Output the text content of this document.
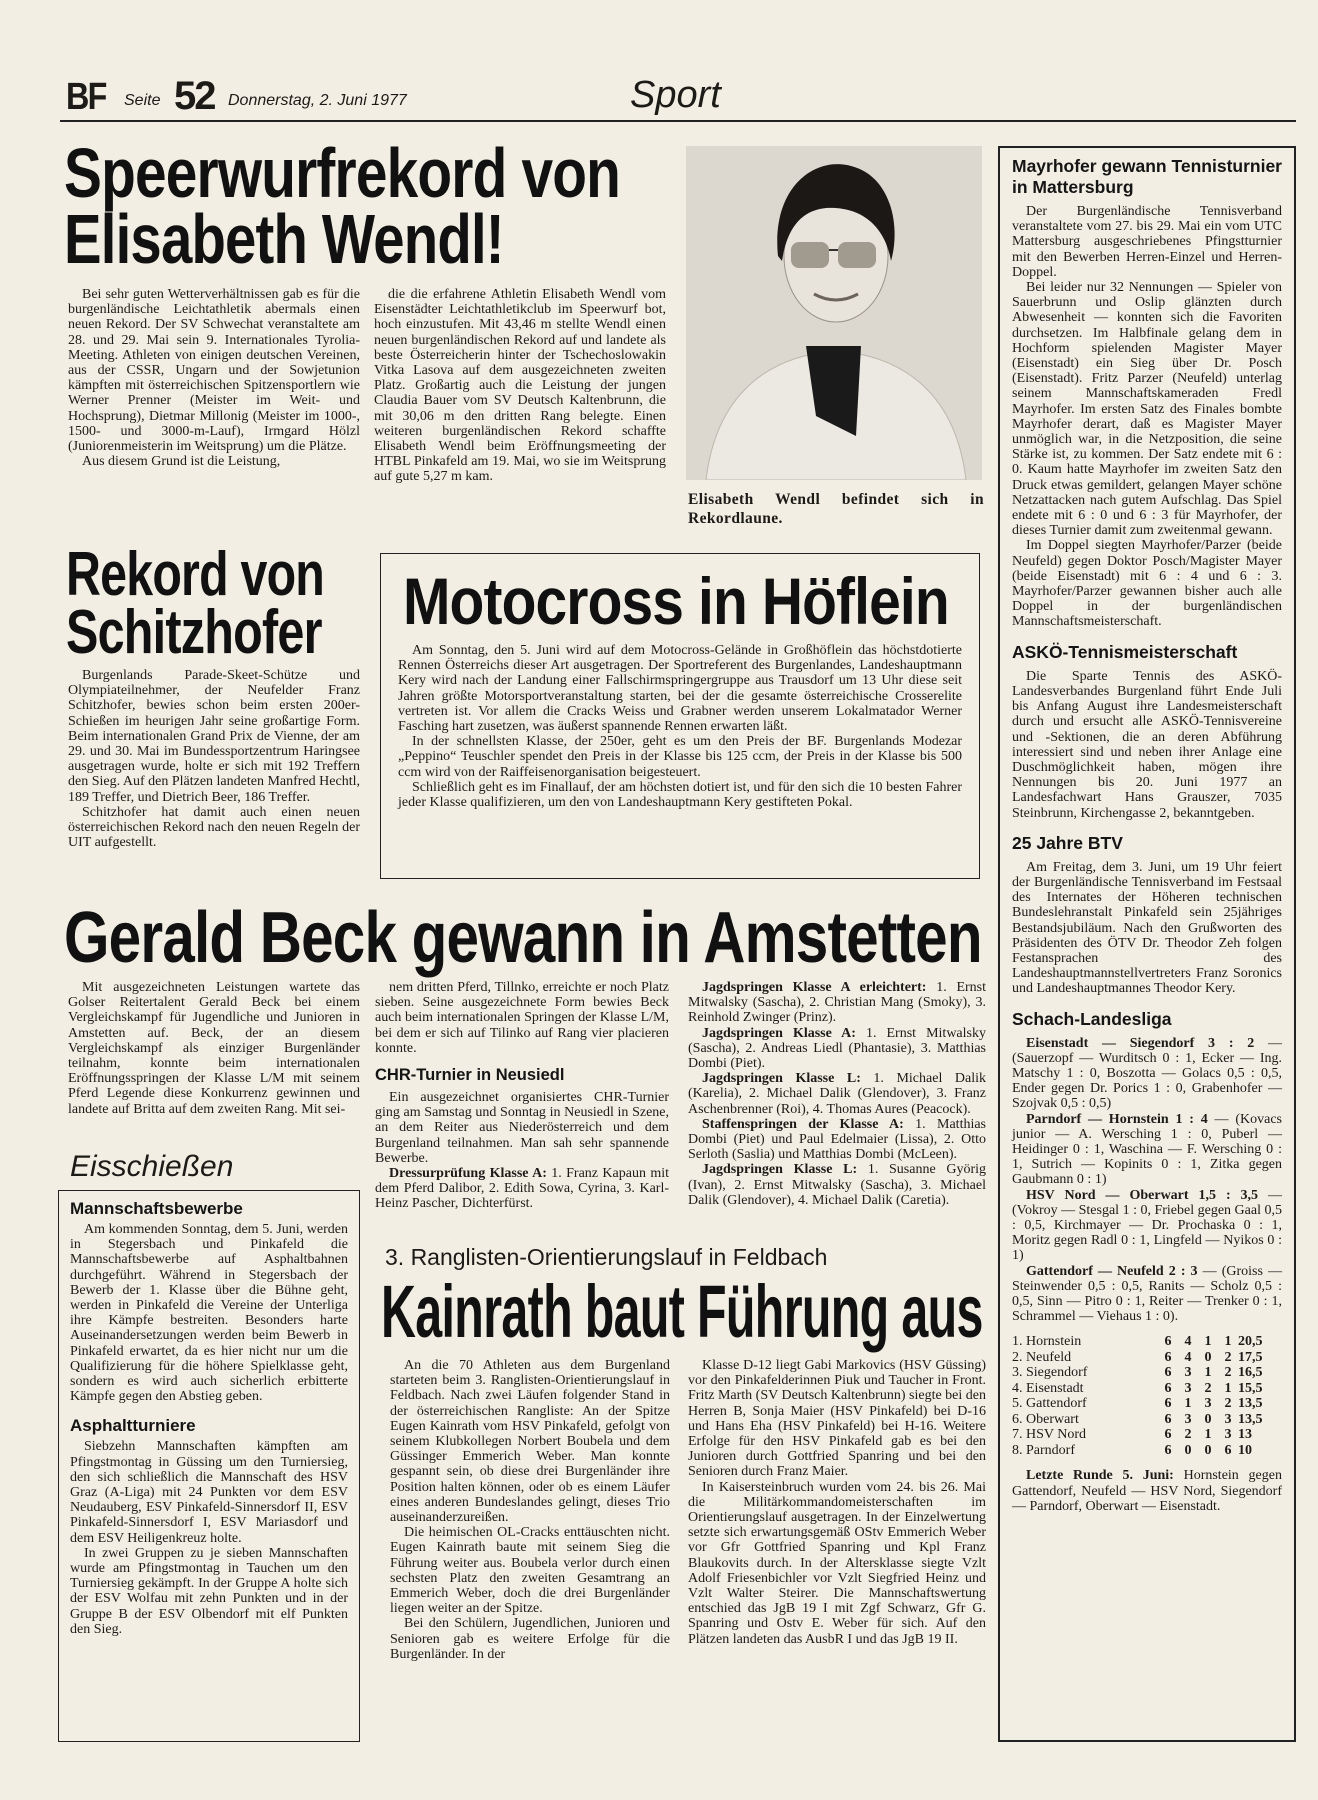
BF Seite 52 Donnerstag, 2. Juni 1977	Sport
Speerwurfrekord von
Elisabeth Wendl!

Bei sehr guten Wetterverhältnissen gab es für die burgenländische Leichtathletik abermals einen neuen Rekord. Der SV Schwechat veranstaltete am 28. und 29. Mai sein 9. Internationales Tyrolia-Meeting. Athleten von einigen deutschen Vereinen, aus der CSSR, Ungarn und der Sowjetunion kämpften mit österreichischen Spitzensportlern wie Werner Prenner (Meister im Weit- und Hochsprung), Dietmar Millonig (Meister im 1000-, 1500- und 3000-m-Lauf), Irmgard Hölzl (Juniorenmeisterin im Weitsprung) um die Plätze.

Aus diesem Grund ist die Leistung,

die die erfahrene Athletin Elisabeth Wendl vom Eisenstädter Leichtathletikclub im Speerwurf bot, hoch einzustufen. Mit 43,46 m stellte Wendl einen neuen burgenländischen Rekord auf und landete als beste Österreicherin hinter der Tschechoslowakin Vitka Lasova auf dem ausgezeichneten zweiten Platz. Großartig auch die Leistung der jungen Claudia Bauer vom SV Deutsch Kaltenbrunn, die mit 30,06 m den dritten Rang belegte. Einen weiteren burgenländischen Rekord schaffte Elisabeth Wendl beim Eröffnungsmeeting der HTBL Pinkafeld am 19. Mai, wo sie im Weitsprung auf gute 5,27 m kam.

Elisabeth Wendl befindet sich in Rekordlaune.
Rekord von
Schitzhofer

Burgenlands Parade-Skeet-Schütze und Olympiateilnehmer, der Neufelder Franz Schitzhofer, bewies schon beim ersten 200er-Schießen im heurigen Jahr seine großartige Form. Beim internationalen Grand Prix de Vienne, der am 29. und 30. Mai im Bundessportzentrum Haringsee ausgetragen wurde, holte er sich mit 192 Treffern den Sieg. Auf den Plätzen landeten Manfred Hechtl, 189 Treffer, und Dietrich Beer, 186 Treffer.

Schitzhofer hat damit auch einen neuen österreichischen Rekord nach den neuen Regeln der UIT aufgestellt.

Motocross in Höflein

Am Sonntag, den 5. Juni wird auf dem Motocross-Gelände in Großhöflein das höchstdotierte Rennen Österreichs dieser Art ausgetragen. Der Sportreferent des Burgenlandes, Landeshauptmann Kery wird nach der Landung einer Fallschirmspringergruppe aus Trausdorf um 13 Uhr diese seit Jahren größte Motorsportveranstaltung starten, bei der die gesamte österreichische Crosserelite vertreten ist. Vor allem die Cracks Weiss und Grabner werden unserem Lokalmatador Werner Fasching hart zusetzen, was äußerst spannende Rennen erwarten läßt.

In der schnellsten Klasse, der 250er, geht es um den Preis der BF. Burgenlands Modezar „Peppino“ Teuschler spendet den Preis in der Klasse bis 125 ccm, der Preis in der Klasse bis 500 ccm wird von der Raiffeisenorganisation beigesteuert.

Schließlich geht es im Finallauf, der am höchsten dotiert ist, und für den sich die 10 besten Fahrer jeder Klasse qualifizieren, um den von Landeshauptmann Kery gestifteten Pokal.

Gerald Beck gewann in Amstetten

Mit ausgezeichneten Leistungen wartete das Golser Reitertalent Gerald Beck bei einem Vergleichskampf für Jugendliche und Junioren in Amstetten auf. Beck, der an diesem Vergleichskampf als einziger Burgenländer teilnahm, konnte beim internationalen Eröffnungsspringen der Klasse L/M mit seinem Pferd Legende diese Konkurrenz gewinnen und landete auf Britta auf dem zweiten Rang. Mit sei-

nem dritten Pferd, Tillnko, erreichte er noch Platz sieben. Seine ausgezeichnete Form bewies Beck auch beim internationalen Springen der Klasse L/M, bei dem er sich auf Tilinko auf Rang vier placieren konnte.

CHR-Turnier in Neusiedl

Ein ausgezeichnet organisiertes CHR-Turnier ging am Samstag und Sonntag in Neusiedl in Szene, an dem Reiter aus Niederösterreich und dem Burgenland teilnahmen. Man sah sehr spannende Bewerbe.

Dressurprüfung Klasse A: 1. Franz Kapaun mit dem Pferd Dalibor, 2. Edith Sowa, Cyrina, 3. Karl-Heinz Pascher, Dichterfürst.

Jagdspringen Klasse A erleichtert: 1. Ernst Mitwalsky (Sascha), 2. Christian Mang (Smoky), 3. Reinhold Zwinger (Prinz).

Jagdspringen Klasse A: 1. Ernst Mitwalsky (Sascha), 2. Andreas Liedl (Phantasie), 3. Matthias Dombi (Piet).

Jagdspringen Klasse L: 1. Michael Dalik (Karelia), 2. Michael Dalik (Glendover), 3. Franz Aschenbrenner (Roi), 4. Thomas Aures (Peacock).

Staffenspringen der Klasse A: 1. Matthias Dombi (Piet) und Paul Edelmaier (Lissa), 2. Otto Serloth (Saslia) und Matthias Dombi (McLeen).

Jagdspringen Klasse L: 1. Susanne Györig (Ivan), 2. Ernst Mitwalsky (Sascha), 3. Michael Dalik (Glendover), 4. Michael Dalik (Caretia).

Eisschießen
Mannschaftsbewerbe

Am kommenden Sonntag, dem 5. Juni, werden in Stegersbach und Pinkafeld die Mannschaftsbewerbe auf Asphaltbahnen durchgeführt. Während in Stegersbach der Bewerb der 1. Klasse über die Bühne geht, werden in Pinkafeld die Vereine der Unterliga ihre Kämpfe bestreiten. Besonders harte Auseinandersetzungen werden beim Bewerb in Pinkafeld erwartet, da es hier nicht nur um die Qualifizierung für die höhere Spielklasse geht, sondern es wird auch sicherlich erbitterte Kämpfe gegen den Abstieg geben.

Asphaltturniere

Siebzehn Mannschaften kämpften am Pfingstmontag in Güssing um den Turniersieg, den sich schließlich die Mannschaft des HSV Graz (A-Liga) mit 24 Punkten vor dem ESV Neudauberg, ESV Pinkafeld-Sinnersdorf II, ESV Pinkafeld-Sinnersdorf I, ESV Mariasdorf und dem ESV Heiligenkreuz holte.

In zwei Gruppen zu je sieben Mannschaften wurde am Pfingstmontag in Tauchen um den Turniersieg gekämpft. In der Gruppe A holte sich der ESV Wolfau mit zehn Punkten und in der Gruppe B der ESV Olbendorf mit elf Punkten den Sieg.

3. Ranglisten-Orientierungslauf in Feldbach
Kainrath baut Führung aus

An die 70 Athleten aus dem Burgenland starteten beim 3. Ranglisten-Orientierungslauf in Feldbach. Nach zwei Läufen folgender Stand in der österreichischen Rangliste: An der Spitze Eugen Kainrath vom HSV Pinkafeld, gefolgt von seinem Klubkollegen Norbert Boubela und dem Güssinger Emmerich Weber. Man konnte gespannt sein, ob diese drei Burgenländer ihre Position halten können, oder ob es einem Läufer eines anderen Bundeslandes gelingt, dieses Trio auseinanderzureißen.

Die heimischen OL-Cracks enttäuschten nicht. Eugen Kainrath baute mit seinem Sieg die Führung weiter aus. Boubela verlor durch einen sechsten Platz den zweiten Gesamtrang an Emmerich Weber, doch die drei Burgenländer liegen weiter an der Spitze.

Bei den Schülern, Jugendlichen, Junioren und Senioren gab es weitere Erfolge für die Burgenländer. In der

Klasse D-12 liegt Gabi Markovics (HSV Güssing) vor den Pinkafelderinnen Piuk und Taucher in Front. Fritz Marth (SV Deutsch Kaltenbrunn) siegte bei den Herren B, Sonja Maier (HSV Pinkafeld) bei D-16 und Hans Eha (HSV Pinkafeld) bei H-16. Weitere Erfolge für den HSV Pinkafeld gab es bei den Junioren durch Gottfried Spanring und bei den Senioren durch Franz Maier.

In Kaisersteinbruch wurden vom 24. bis 26. Mai die Militärkommandomeisterschaften im Orientierungslauf ausgetragen. In der Einzelwertung setzte sich erwartungsgemäß OStv Emmerich Weber vor Gfr Gottfried Spanring und Kpl Franz Blaukovits durch. In der Altersklasse siegte Vzlt Adolf Friesenbichler vor Vzlt Siegfried Heinz und Vzlt Walter Steirer. Die Mannschaftswertung entschied das JgB 19 I mit Zgf Schwarz, Gfr G. Spanring und Ostv E. Weber für sich. Auf den Plätzen landeten das AusbR I und das JgB 19 II.

Mayrhofer gewann Tennisturnier in Mattersburg

Der Burgenländische Tennisverband veranstaltete vom 27. bis 29. Mai ein vom UTC Mattersburg ausgeschriebenes Pfingstturnier mit den Bewerben Herren-Einzel und Herren-Doppel.

Bei leider nur 32 Nennungen — Spieler von Sauerbrunn und Oslip glänzten durch Abwesenheit — konnten sich die Favoriten durchsetzen. Im Halbfinale gelang dem in Hochform spielenden Magister Mayer (Eisenstadt) ein Sieg über Dr. Posch (Eisenstadt). Fritz Parzer (Neufeld) unterlag seinem Mannschaftskameraden Fredl Mayrhofer. Im ersten Satz des Finales bombte Mayrhofer derart, daß es Magister Mayer unmöglich war, in die Netzposition, die seine Stärke ist, zu kommen. Der Satz endete mit 6 : 0. Kaum hatte Mayrhofer im zweiten Satz den Druck etwas gemildert, gelangen Mayer schöne Netzattacken nach gutem Aufschlag. Das Spiel endete mit 6 : 0 und 6 : 3 für Mayrhofer, der dieses Turnier damit zum zweitenmal gewann.

Im Doppel siegten Mayrhofer/Parzer (beide Neufeld) gegen Doktor Posch/Magister Mayer (beide Eisenstadt) mit 6 : 4 und 6 : 3. Mayrhofer/Parzer gewannen bisher auch alle Doppel in der burgenländischen Mannschaftsmeisterschaft.

ASKÖ-Tennismeisterschaft

Die Sparte Tennis des ASKÖ-Landesverbandes Burgenland führt Ende Juli bis Anfang August ihre Landesmeisterschaft durch und ersucht alle ASKÖ-Tennisvereine und -Sektionen, die an deren Abführung interessiert sind und neben ihrer Anlage eine Duschmöglichkeit haben, mögen ihre Nennungen bis 20. Juni 1977 an Landesfachwart Hans Grauszer, 7035 Steinbrunn, Kirchengasse 2, bekanntgeben.

25 Jahre BTV

Am Freitag, dem 3. Juni, um 19 Uhr feiert der Burgenländische Tennisverband im Festsaal des Internates der Höheren technischen Bundeslehranstalt Pinkafeld sein 25jähriges Bestandsjubiläum. Nach den Grußworten des Präsidenten des ÖTV Dr. Theodor Zeh folgen Festansprachen des Landeshauptmannstellvertreters Franz Soronics und Landeshauptmannes Theodor Kery.

Schach-Landesliga

Eisenstadt — Siegendorf 3 : 2 — (Sauerzopf — Wurditsch 0 : 1, Ecker — Ing. Matschy 1 : 0, Boszotta — Golacs 0,5 : 0,5, Ender gegen Dr. Porics 1 : 0, Grabenhofer — Szojvak 0,5 : 0,5)

Parndorf — Hornstein 1 : 4 — (Kovacs junior — A. Wersching 1 : 0, Puberl — Heidinger 0 : 1, Waschina — F. Wersching 0 : 1, Sutrich — Kopinits 0 : 1, Zitka gegen Gaubmann 0 : 1)

HSV Nord — Oberwart 1,5 : 3,5 — (Vokroy — Stesgal 1 : 0, Friebel gegen Gaal 0,5 : 0,5, Kirchmayer — Dr. Prochaska 0 : 1, Moritz gegen Radl 0 : 1, Lingfeld — Nyikos 0 : 1)

Gattendorf — Neufeld 2 : 3 — (Groiss — Steinwender 0,5 : 0,5, Ranits — Scholz 0,5 : 0,5, Sinn — Pitro 0 : 1, Reiter — Trenker 0 : 1, Schrammel — Viehaus 1 : 0).

1. Hornstein	6	4	1	1	20,5
2. Neufeld	6	4	0	2	17,5
3. Siegendorf	6	3	1	2	16,5
4. Eisenstadt	6	3	2	1	15,5
5. Gattendorf	6	1	3	2	13,5
6. Oberwart	6	3	0	3	13,5
7. HSV Nord	6	2	1	3	13
8. Parndorf	6	0	0	6	10

Letzte Runde 5. Juni: Hornstein gegen Gattendorf, Neufeld — HSV Nord, Siegendorf — Parndorf, Oberwart — Eisenstadt.
